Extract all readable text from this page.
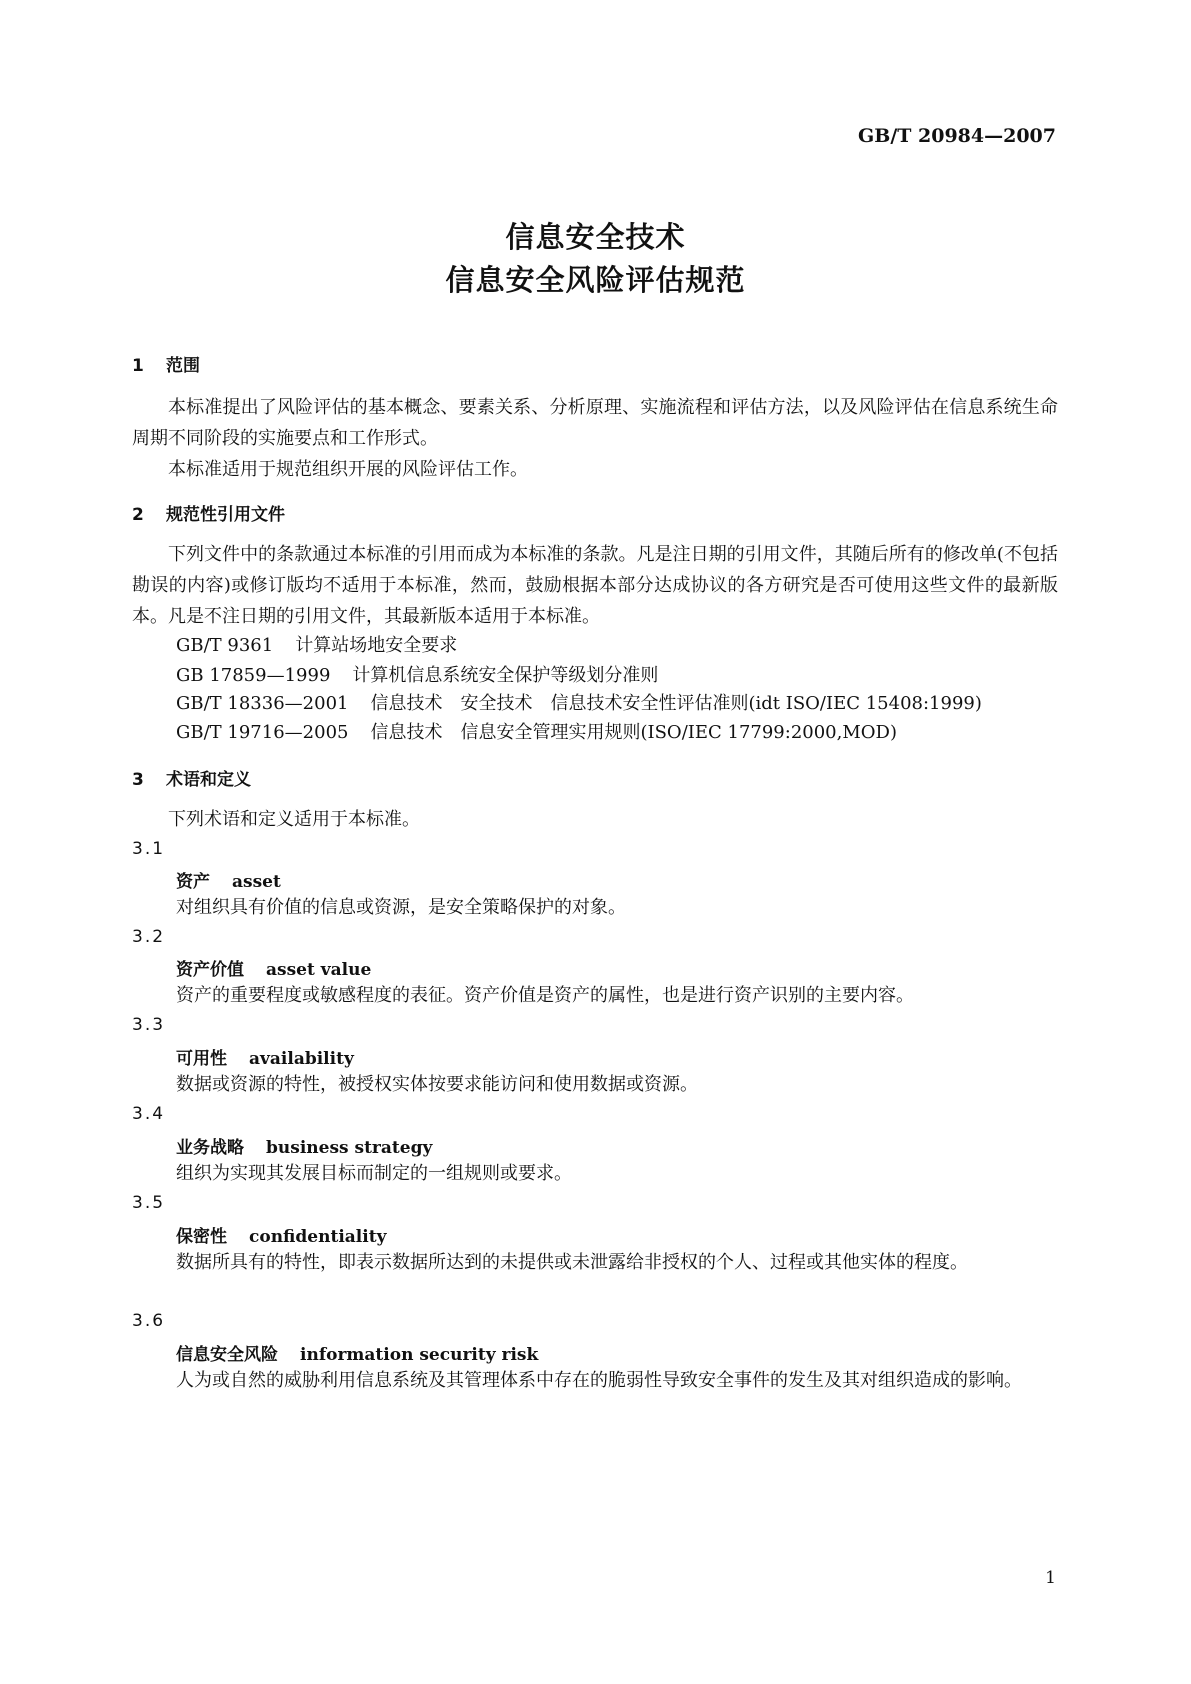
GB/T 20984—2007
信息安全技术
信息安全风险评估规范
1 范围
本标准提出了风险评估的基本概念、要素关系、分析原理、实施流程和评估方法，以及风险评估在信息系统生命周期不同阶段的实施要点和工作形式。
本标准适用于规范组织开展的风险评估工作。
2 规范性引用文件
下列文件中的条款通过本标准的引用而成为本标准的条款。凡是注日期的引用文件，其随后所有的修改单(不包括勘误的内容)或修订版均不适用于本标准，然而，鼓励根据本部分达成协议的各方研究是否可使用这些文件的最新版本。凡是不注日期的引用文件，其最新版本适用于本标准。
GB/T 9361 计算站场地安全要求
GB 17859—1999 计算机信息系统安全保护等级划分准则
GB/T 18336—2001 信息技术　安全技术　信息技术安全性评估准则(idt ISO/IEC 15408:1999)
GB/T 19716—2005 信息技术　信息安全管理实用规则(ISO/IEC 17799:2000,MOD)
3 术语和定义
下列术语和定义适用于本标准。
3.1
资产 asset
对组织具有价值的信息或资源，是安全策略保护的对象。
3.2
资产价值 asset value
资产的重要程度或敏感程度的表征。资产价值是资产的属性，也是进行资产识别的主要内容。
3.3
可用性 availability
数据或资源的特性，被授权实体按要求能访问和使用数据或资源。
3.4
业务战略 business strategy
组织为实现其发展目标而制定的一组规则或要求。
3.5
保密性 confidentiality
数据所具有的特性，即表示数据所达到的未提供或未泄露给非授权的个人、过程或其他实体的程度。
3.6
信息安全风险 information security risk
人为或自然的威胁利用信息系统及其管理体系中存在的脆弱性导致安全事件的发生及其对组织造成的影响。
1
